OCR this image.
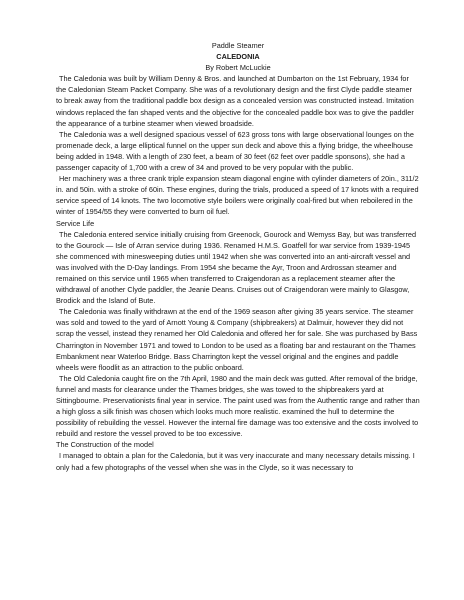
Paddle Steamer
CALEDONIA
By Robert McLuckie

The Caledonia was built by William Denny & Bros. and launched at Dumbarton on the 1st February, 1934 for the Caledonian Steam Packet Company. She was of a revolutionary design and the first Clyde paddle steamer to break away from the traditional paddle box design as a concealed version was constructed instead. Imitation windows replaced the fan shaped vents and the objective for the concealed paddle box was to give the paddler the appearance of a turbine steamer when viewed broadside.

The Caledonia was a well designed spacious vessel of 623 gross tons with large observational lounges on the promenade deck, a large elliptical funnel on the upper sun deck and above this a flying bridge, the wheelhouse being added in 1948. With a length of 230 feet, a beam of 30 feet (62 feet over paddle sponsons), she had a passenger capacity of 1,700 with a crew of 34 and proved to be very popular with the public.

Her machinery was a three crank triple expansion steam diagonal engine with cylinder diameters of 20in., 311/2 in. and 50in. with a stroke of 60in. These engines, during the trials, produced a speed of 17 knots with a required service speed of 14 knots. The two locomotive style boilers were originally coal-fired but when reboilered in the winter of 1954/55 they were converted to burn oil fuel.

Service Life

The Caledonia entered service initially cruising from Greenock, Gourock and Wemyss Bay, but was transferred to the Gourock — Isle of Arran service during 1936. Renamed H.M.S. Goatfell for war service from 1939-1945 she commenced with minesweeping duties until 1942 when she was converted into an anti-aircraft vessel and was involved with the D-Day landings. From 1954 she became the Ayr, Troon and Ardrossan steamer and remained on this service until 1965 when transferred to Craigendoran as a replacement steamer after the withdrawal of another Clyde paddler, the Jeanie Deans. Cruises out of Craigendoran were mainly to Glasgow, Brodick and the Island of Bute.

The Caledonia was finally withdrawn at the end of the 1969 season after giving 35 years service. The steamer was sold and towed to the yard of Arnott Young & Company (shipbreakers) at Dalmuir, however they did not scrap the vessel, instead they renamed her Old Caledonia and offered her for sale. She was purchased by Bass Charrington in November 1971 and towed to London to be used as a floating bar and restaurant on the Thames Embankment near Waterloo Bridge. Bass Charrington kept the vessel original and the engines and paddle wheels were floodlit as an attraction to the public onboard.

The Old Caledonia caught fire on the 7th April, 1980 and the main deck was gutted. After removal of the bridge, funnel and masts for clearance under the Thames bridges, she was towed to the shipbreakers yard at Sittingbourne. Preservationists final year in service. The paint used was from the Authentic range and rather than a high gloss a silk finish was chosen which looks much more realistic. examined the hull to determine the possibility of rebuilding the vessel. However the internal fire damage was too extensive and the costs involved to rebuild and restore the vessel proved to be too excessive.

The Construction of the model

I managed to obtain a plan for the Caledonia, but it was very inaccurate and many necessary details missing. I only had a few photographs of the vessel when she was in the Clyde, so it was necessary to
